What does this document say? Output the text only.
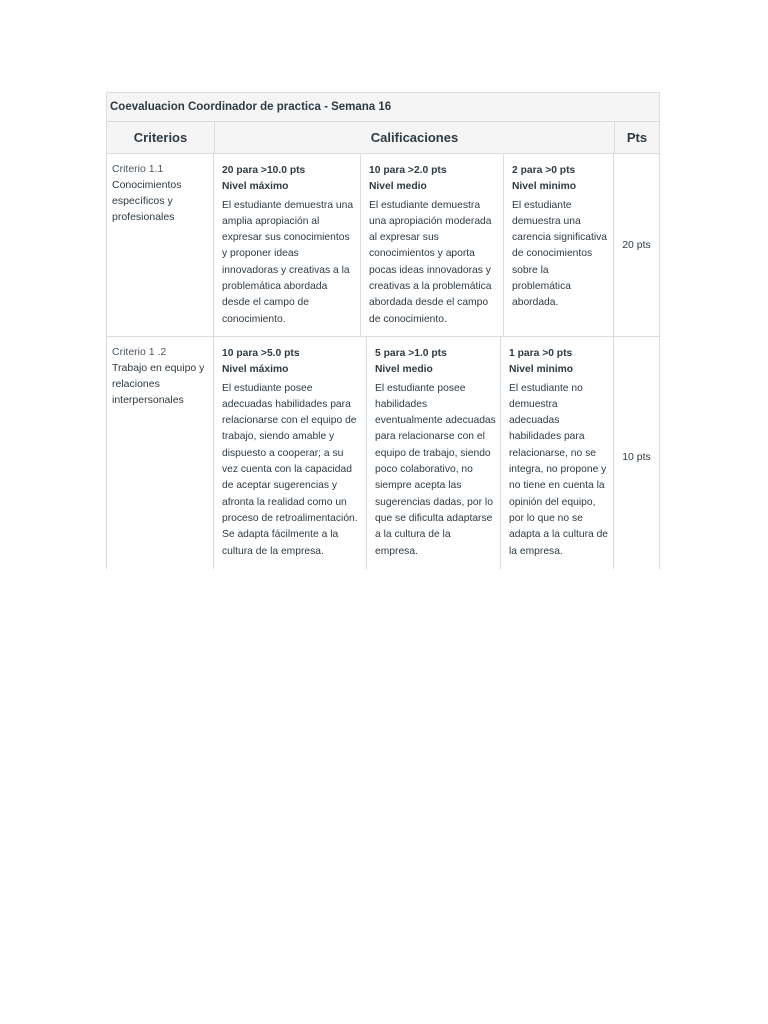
Coevaluacion Coordinador de practica - Semana 16
Criterios	Calificaciones	Pts
Criterio 1.1
Conocimientos específicos y profesionales
20 para >10.0 pts
Nivel máximo
El estudiante demuestra una amplia apropiación al expresar sus conocimientos y proponer ideas innovadoras y creativas a la problemática abordada desde el campo de conocimiento.
10 para >2.0 pts
Nivel medio
El estudiante demuestra una apropiación moderada al expresar sus conocimientos y aporta pocas ideas innovadoras y creativas a la problemática abordada desde el campo de conocimiento.
2 para >0 pts
Nivel minimo
El estudiante demuestra una carencia significativa de conocimientos sobre la problemática abordada.
20 pts
Criterio 1 .2
Trabajo en equipo y relaciones interpersonales
10 para >5.0 pts
Nivel máximo
El estudiante posee adecuadas habilidades para relacionarse con el equipo de trabajo, siendo amable y dispuesto a cooperar; a su vez cuenta con la capacidad de aceptar sugerencias y afronta la realidad como un proceso de retroalimentación. Se adapta fácilmente a la cultura de la empresa.
5 para >1.0 pts
Nivel medio
El estudiante posee habilidades eventualmente adecuadas para relacionarse con el equipo de trabajo, siendo poco colaborativo, no siempre acepta las sugerencias dadas, por lo que se dificulta adaptarse a la cultura de la empresa.
1 para >0 pts
Nivel minimo
El estudiante no demuestra adecuadas habilidades para relacionarse, no se integra, no propone y no tiene en cuenta la opinión del equipo, por lo que no se adapta a la cultura de la empresa.
10 pts
